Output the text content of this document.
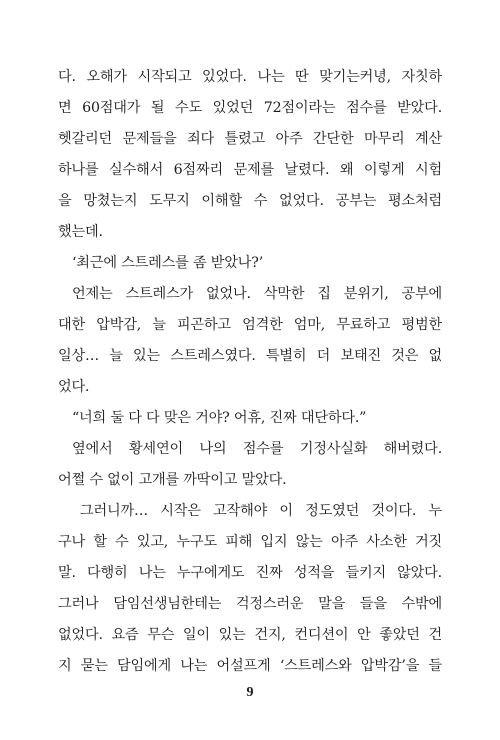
다. 오해가 시작되고 있었다. 나는 딴 맞기는커녕, 자칫하
면 60점대가 될 수도 있었던 72점이라는 점수를 받았다.
헷갈리던 문제들을 죄다 틀렸고 아주 간단한 마무리 계산
하나를 실수해서 6점짜리 문제를 날렸다. 왜 이렇게 시험
을 망쳤는지 도무지 이해할 수 없었다. 공부는 평소처럼
했는데.
‘최근에 스트레스를 좀 받았나?’
언제는 스트레스가 없었나. 삭막한 집 분위기, 공부에
대한 압박감, 늘 피곤하고 엄격한 엄마, 무료하고 평범한
일상… 늘 있는 스트레스였다. 특별히 더 보태진 것은 없
었다.
“너희 둘 다 다 맞은 거야? 어휴, 진짜 대단하다.”
옆에서 황세연이 나의 점수를 기정사실화 해버렸다.
어쩔 수 없이 고개를 까딱이고 말았다.
그러니까… 시작은 고작해야 이 정도였던 것이다. 누
구나 할 수 있고, 누구도 피해 입지 않는 아주 사소한 거짓
말. 다행히 나는 누구에게도 진짜 성적을 들키지 않았다.
그러나 담임선생님한테는 걱정스러운 말을 들을 수밖에
없었다. 요즘 무슨 일이 있는 건지, 컨디션이 안 좋았던 건
지 묻는 담임에게 나는 어설프게 ‘스트레스와 압박감’을 들
9
